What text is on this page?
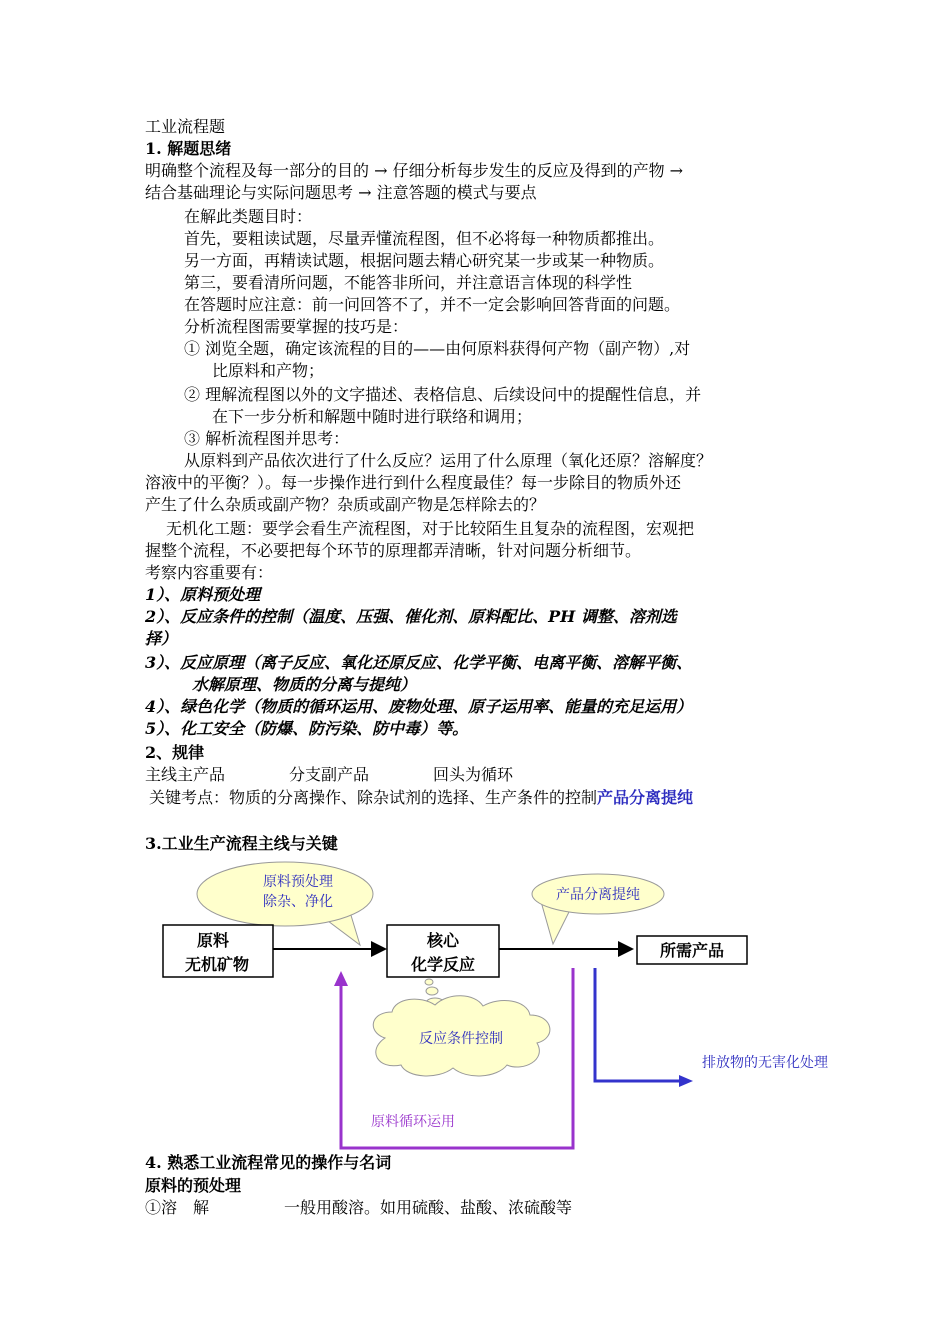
工业流程题
1. 解题思绪
明确整个流程及每一部分的目的 → 仔细分析每步发生的反应及得到的产物 →
结合基础理论与实际问题思考 → 注意答题的模式与要点
在解此类题目时：
首先，要粗读试题，尽量弄懂流程图，但不必将每一种物质都推出。
另一方面，再精读试题，根据问题去精心研究某一步或某一种物质。
第三，要看清所问题，不能答非所问，并注意语言体现的科学性
在答题时应注意：前一问回答不了，并不一定会影响回答背面的问题。
分析流程图需要掌握的技巧是：
① 浏览全题，确定该流程的目的——由何原料获得何产物（副产物）,对
比原料和产物；
② 理解流程图以外的文字描述、表格信息、后续设问中的提醒性信息，并
在下一步分析和解题中随时进行联络和调用；
③ 解析流程图并思考：
从原料到产品依次进行了什么反应？运用了什么原理（氧化还原？溶解度？
溶液中的平衡？）。每一步操作进行到什么程度最佳？每一步除目的物质外还
产生了什么杂质或副产物？杂质或副产物是怎样除去的？
无机化工题：要学会看生产流程图，对于比较陌生且复杂的流程图，宏观把
握整个流程，不必要把每个环节的原理都弄清晰，针对问题分析细节。
考察内容重要有：
1）、原料预处理
2）、反应条件的控制（温度、压强、催化剂、原料配比、PH 调整、溶剂选
择）
3）、反应原理（离子反应、氧化还原反应、化学平衡、电离平衡、溶解平衡、
水解原理、物质的分离与提纯）
4）、绿色化学（物质的循环运用、废物处理、原子运用率、能量的充足运用）
5）、化工安全（防爆、防污染、防中毒）等。
2、规律
主线主产品	分支副产品	回头为循环
关键考点：物质的分离操作、除杂试剂的选择、生产条件的控制产品分离提纯
3.工业生产流程主线与关键
原料预处理
除杂、净化	产品分离提纯
原料
无机矿物
核心
化学反应
所需产品
反应条件控制
原料循环运用
排放物的无害化处理
4. 熟悉工业流程常见的操作与名词
原料的预处理
①溶　解	一般用酸溶。如用硫酸、盐酸、浓硫酸等
